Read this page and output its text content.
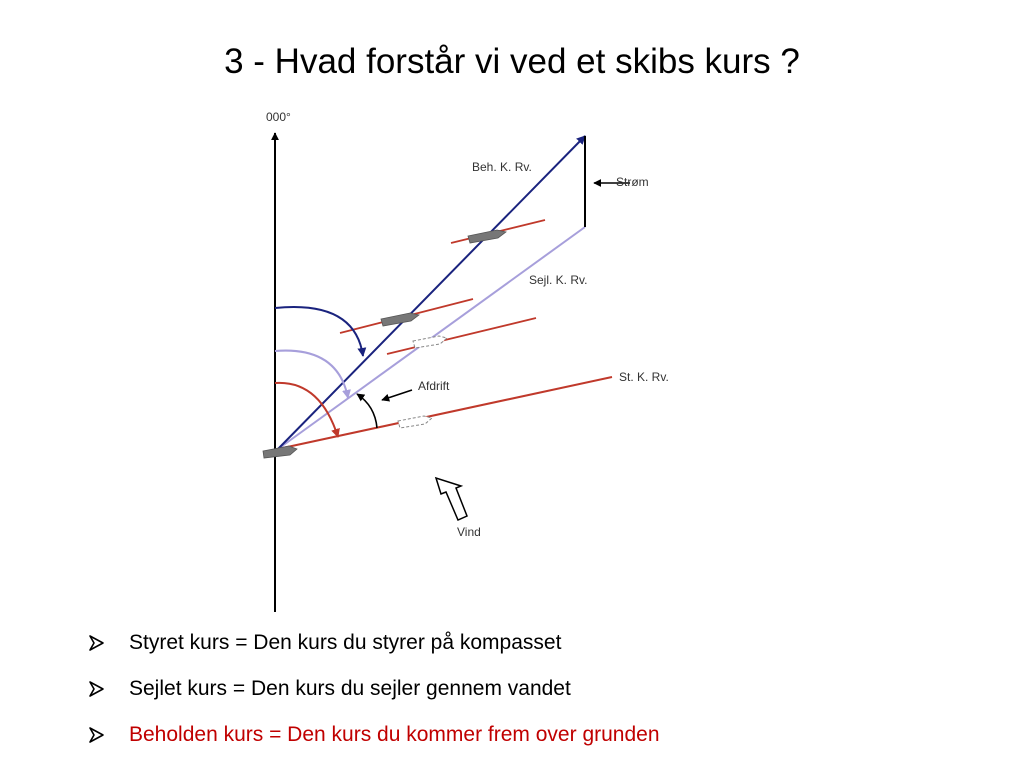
3 - Hvad forstår vi ved et skibs kurs ?
000°
St. K. Rv.
Sejl. K. Rv.
Beh. K. Rv.
Strøm
Afdrift
Vind
Styret kurs = Den kurs du styrer på kompasset
Sejlet kurs = Den kurs du sejler gennem vandet
Beholden kurs = Den kurs du kommer frem over grunden
